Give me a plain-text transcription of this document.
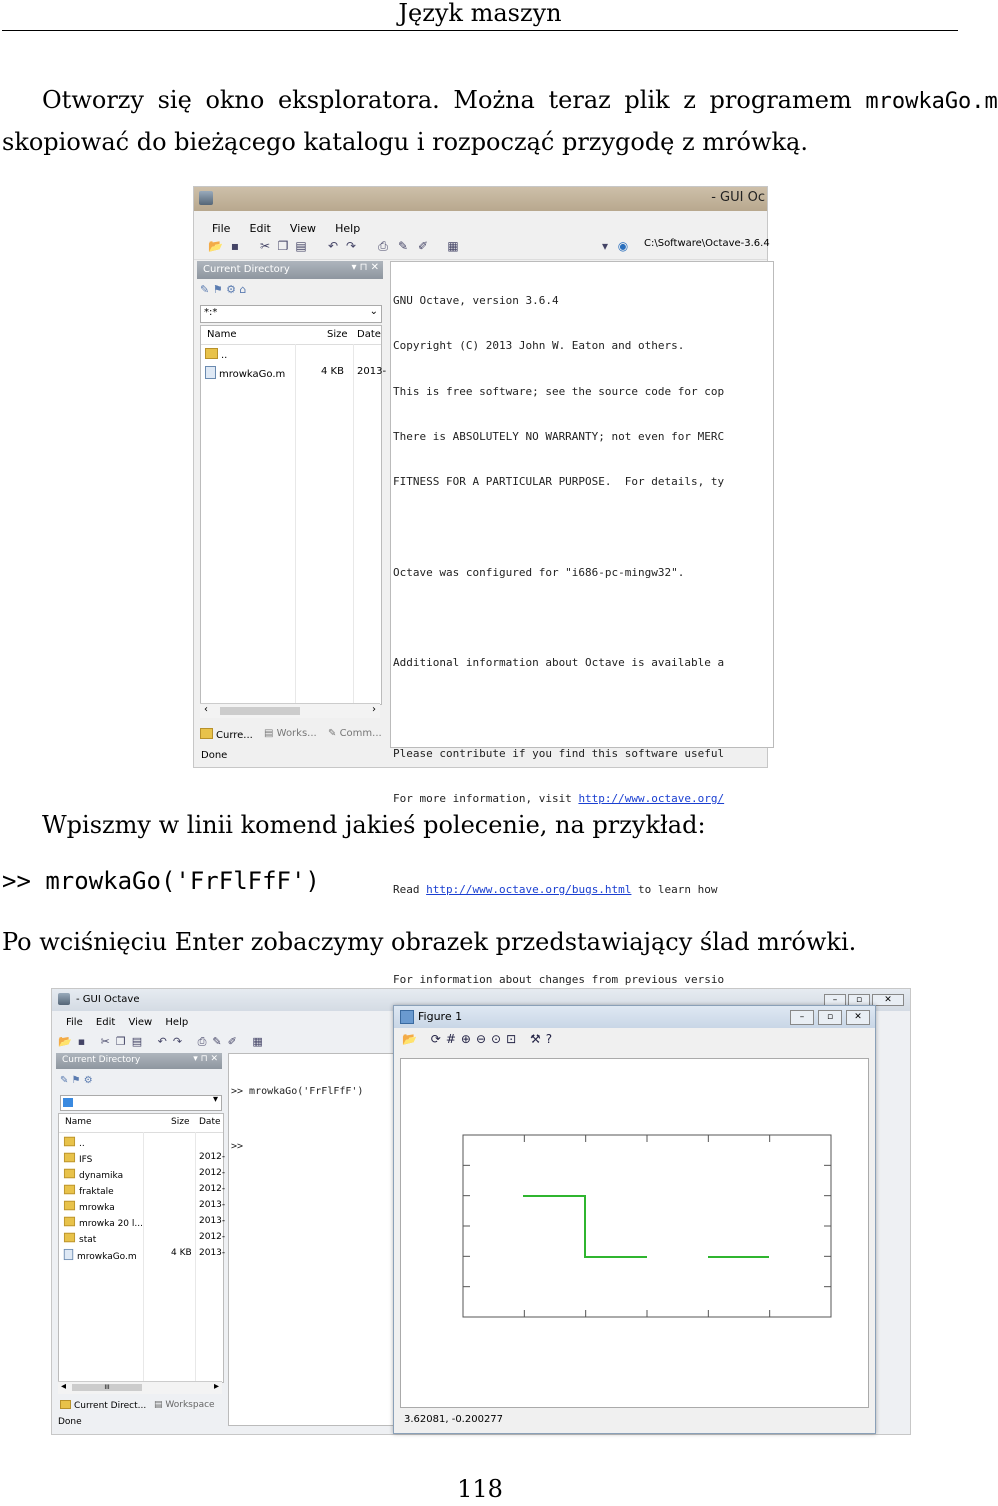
Język maszyn
Otworzy się okno eksploratora. Można teraz plik z programem mrowkaGo.m
skopiować do bieżącego katalogu i rozpocząć przygodę z mrówką.
- GUI Oc
File Edit View Help
📂 ▪ ✂ ❐ ▤ ↶ ↷ ⎙ ✎ ✐ ▦	▾ ◉ C:\Software\Octave-3.6.4
Current Directory	▾ ⊓ ✕
✎ ⚑ ⚙ ⌂
*:*	⌄
Name	Size Date
..
mrowkaGo.m	4 KB 2013-
‹	›
Curre... ▤ Works... ✎ Comm...
Done

GNU Octave, version 3.6.4

Copyright (C) 2013 John W. Eaton and others.

This is free software; see the source code for cop

There is ABSOLUTELY NO WARRANTY; not even for MERC

FITNESS FOR A PARTICULAR PURPOSE.  For details, ty

Octave was configured for "i686-pc-mingw32".

Additional information about Octave is available a

Please contribute if you find this software useful

For more information, visit http://www.octave.org/

Read http://www.octave.org/bugs.html to learn how

For information about changes from previous versio

Wpiszmy w linii komend jakieś polecenie, na przykład:
>> mrowkaGo('FrFlFfF')
Po wciśnięciu Enter zobaczymy obrazek przedstawiający ślad mrówki.
- GUI Octave	–	▫	✕
File Edit View Help
📂▪ ✂❐▤ ↶↷ ⎙✎✐ ▦
Current Directory	▾ ⊓ ✕
✎ ⚑ ⚙
▾
Name	Size Date
..
IFS	2012-
dynamika	2012-
fraktale	2012-
mrowka	2013-
mrowka 20 l...	2013-
stat	2012-
mrowkaGo.m	4 KB 2013-
◂	III	▸
Current Direct... ▤ Workspace
Done

>> mrowkaGo('FrFlFfF')

>>

Figure 1	–	▫	✕
📂 ⟳#⊕⊖⊙⊡ ⚒?
3.62081, -0.200277
118
